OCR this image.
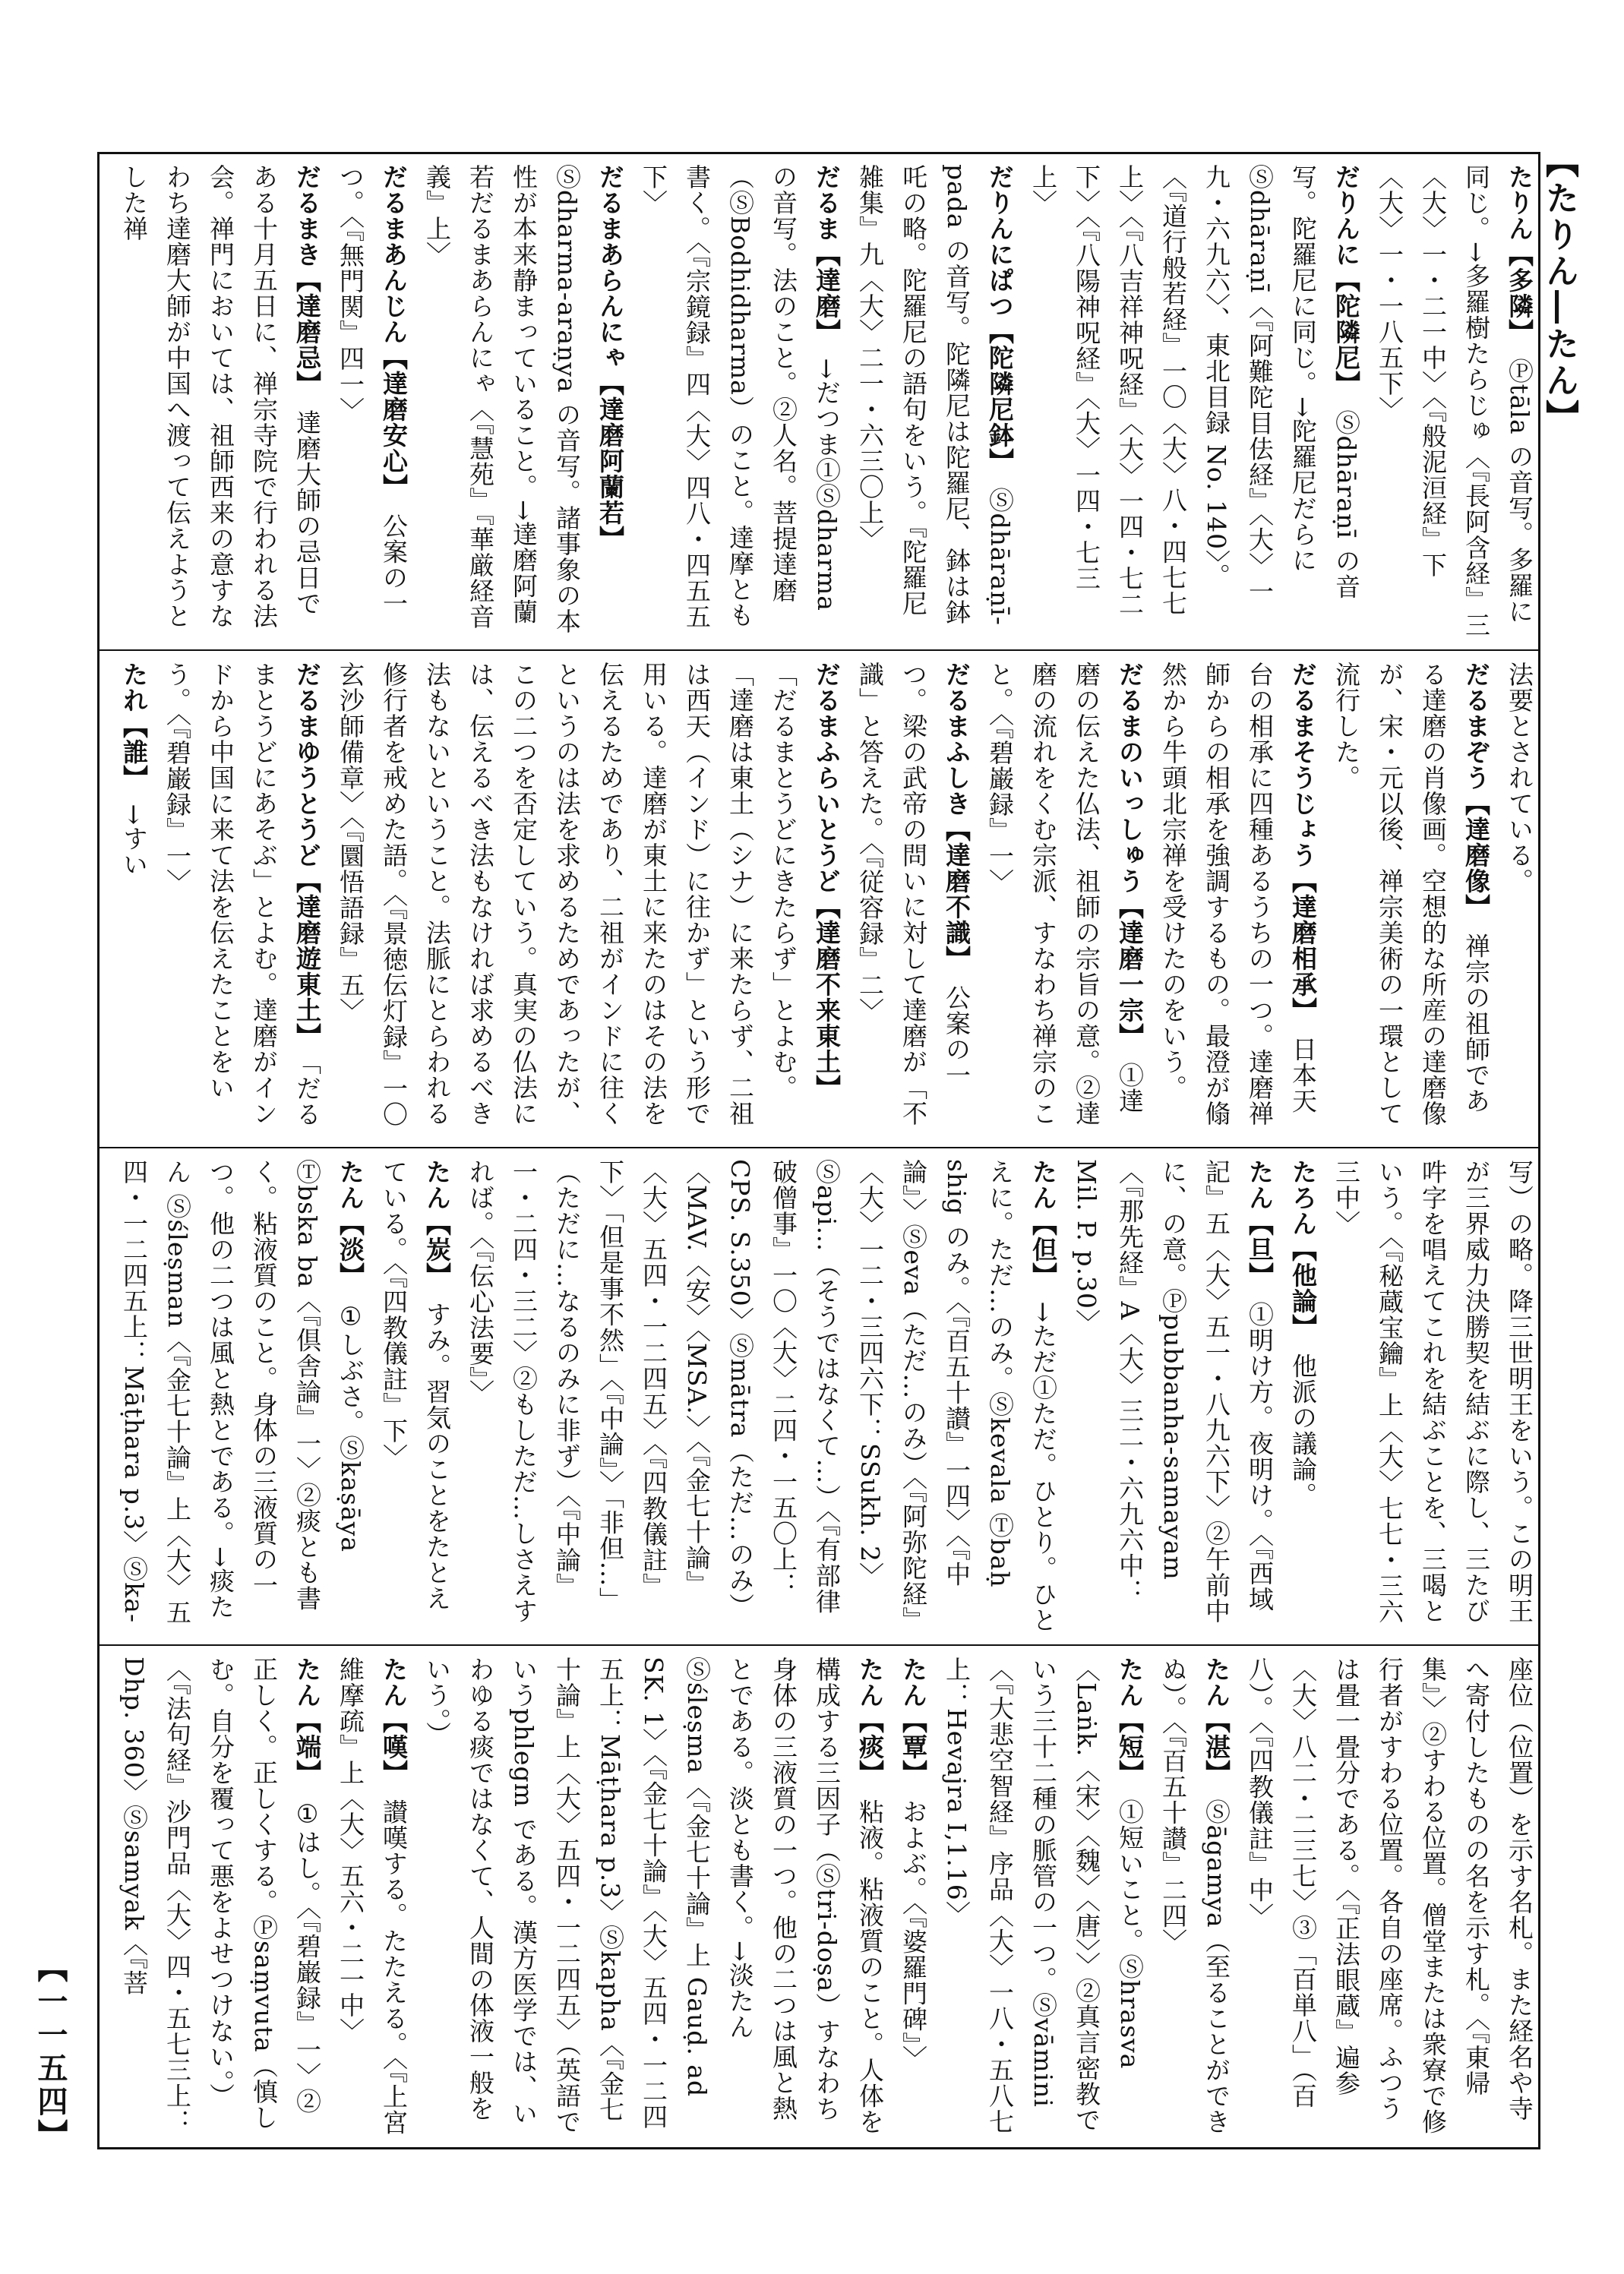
【たりん―たん】
【一一五四】

たりん【多隣】　Ⓟtāla の音写。多羅に同じ。→多羅樹たらじゅ〈『長阿含経』三〈大〉一・二一中〉〈『般泥洹経』下〈大〉一・一八五下〉
だりんに【陀隣尼】　Ⓢdhāraṇī の音写。陀羅尼に同じ。→陀羅尼だらに Ⓢdhāraṇī〈『阿難陀目佉経』〈大〉一九・六九六〉、東北目録 No. 140〉。〈『道行般若経』一〇〈大〉八・四七七上〉〈『八吉祥神呪経』〈大〉一四・七二下〉〈『八陽神呪経』〈大〉一四・七三上〉
だりんにぱつ【陀隣尼鉢】　Ⓢdhāraṇī-pada の音写。陀隣尼は陀羅尼、鉢は鉢吒の略。陀羅尼の語句をいう。『陀羅尼雑集』九〈大〉二一・六三〇上〉
だるま【達磨】　→だつま①Ⓢdharma の音写。法のこと。②人名。菩提達磨（ⓈBodhidharma）のこと。達摩とも書く。〈『宗鏡録』四〈大〉四八・四五五下〉
だるまあらんにゃ【達磨阿蘭若】　Ⓢdharma-araṇya の音写。諸事象の本性が本来静まっていること。→達磨阿蘭若だるまあらんにゃ〈『慧苑』『華厳経音義』上〉
だるまあんじん【達磨安心】　公案の一つ。〈『無門関』四一〉
だるまき【達磨忌】　達磨大師の忌日である十月五日に、禅宗寺院で行われる法会。禅門においては、祖師西来の意すなわち達磨大師が中国へ渡って伝えようとした禅
法要とされている。
だるまぞう【達磨像】　禅宗の祖師である達磨の肖像画。空想的な所産の達磨像が、宋・元以後、禅宗美術の一環として流行した。
だるまそうじょう【達磨相承】　日本天台の相承に四種あるうちの一つ。達磨禅師からの相承を強調するもの。最澄が翛然から牛頭北宗禅を受けたのをいう。
だるまのいっしゅう【達磨一宗】　①達磨の伝えた仏法、祖師の宗旨の意。②達磨の流れをくむ宗派、すなわち禅宗のこと。〈『碧巌録』一〉
だるまふしき【達磨不識】　公案の一つ。梁の武帝の問いに対して達磨が「不識」と答えた。〈『従容録』二〉
だるまふらいとうど【達磨不来東土】　「だるまとうどにきたらず」とよむ。「達磨は東土（シナ）に来たらず、二祖は西天（インド）に往かず」という形で用いる。達磨が東土に来たのはその法を伝えるためであり、二祖がインドに往くというのは法を求めるためであったが、この二つを否定していう。真実の仏法には、伝えるべき法もなければ求めるべき法もないということ。法脈にとらわれる修行者を戒めた語。〈『景徳伝灯録』一〇玄沙師備章〉〈『圜悟語録』五〉
だるまゆうとうど【達磨遊東土】　「だるまとうどにあそぶ」とよむ。達磨がインドから中国に来て法を伝えたことをいう。〈『碧巌録』一〉
たれ【誰】　→すい

　 写）の略。降三世明王をいう。この明王が三界威力決勝契を結ぶに際し、三たび吽字を唱えてこれを結ぶことを、三喝という。〈『秘蔵宝鑰』上〈大〉七七・三六三中〉
たろん【他論】　他派の議論。
たん【旦】　①明け方。夜明け。〈『西域記』五〈大〉五一・八九六下〉②午前中に、の意。Ⓟpubbanha-samayam〈『那先経』A〈大〉三二・六九六中：Mil. P. p.30〉
たん【但】　→ただ①ただ。ひとり。ひとえに。ただ…のみ。Ⓢkevala Ⓣbaḥ shig のみ。〈『百五十讃』一四〉〈『中論』〉Ⓢeva（ただ…のみ）〈『阿弥陀経』〈大〉一二・三四六下：SSukh. 2〉Ⓢapi…（そうではなくて…）〈『有部律破僧事』一〇〈大〉二四・一五〇上：CPS. S.350〉Ⓢmātra（ただ…のみ）〈MAV.〈安〉〈MSA.〉〈『金七十論』〈大〉五四・一二四五〉〈『四教儀註』下〉「但是事不然」〈『中論』〉「非但…」（ただに…なるのみに非ず）〈『中論』一・二四・三二〉②もしただ…しさえすれば。〈『伝心法要』〉
たん【炭】　すみ。習気のことをたとえている。〈『四教儀註』下〉
たん【淡】　①しぶさ。Ⓢkaṣāya Ⓣbska ba〈『倶舎論』一〉②痰とも書く。粘液質のこと。身体の三液質の一つ。他の二つは風と熱とである。→痰たん Ⓢśleṣman〈『金七十論』上〈大〉五四・一二四五上：Māṭhara p.3〉Ⓢka-

　 座位（位置）を示す名札。また経名や寺へ寄付したものの名を示す札。〈『東帰集』〉②すわる位置。僧堂または衆寮で修行者がすわる位置。各自の座席。ふつうは畳一畳分である。〈『正法眼蔵』遍参〈大〉八二・二三七〉③「百単八」（百八）。〈『四教儀註』中〉
たん【湛】　Ⓢāgamya（至ることができぬ）。〈『百五十讃』二四〉
たん【短】　①短いこと。Ⓢhrasva〈Laṅk.〈宋〉〈魏〉〈唐〉〉②真言密教でいう三十二種の脈管の一つ。Ⓢvāmini〈『大悲空智経』序品〈大〉一八・五八七上：Hevajra I,1.16〉
たん【覃】　およぶ。〈『婆羅門碑』〉
たん【痰】　粘液。粘液質のこと。人体を構成する三因子（Ⓢtri-doṣa）すなわち身体の三液質の一つ。他の二つは風と熱とである。淡とも書く。→淡たん Ⓢśleṣma〈『金七十論』上 Gauḍ. ad SK. 1〉〈『金七十論』〈大〉五四・一二四五上：Māṭhara p.3〉Ⓢkapha〈『金七十論』上〈大〉五四・一二四五〉（英語でいうphlegm である。漢方医学では、いわゆる痰ではなくて、人間の体液一般をいう。）
たん【嘆】　讃嘆する。たたえる。〈『上宮維摩疏』上〈大〉五六・二一中〉
たん【端】　①はし。〈『碧巌録』一〉②正しく。正しくする。Ⓟsaṃvuta（慎しむ。自分を覆って悪をよせつけない。）〈『法句経』沙門品〈大〉四・五七三上：Dhp. 360〉Ⓢsamyak〈『菩
